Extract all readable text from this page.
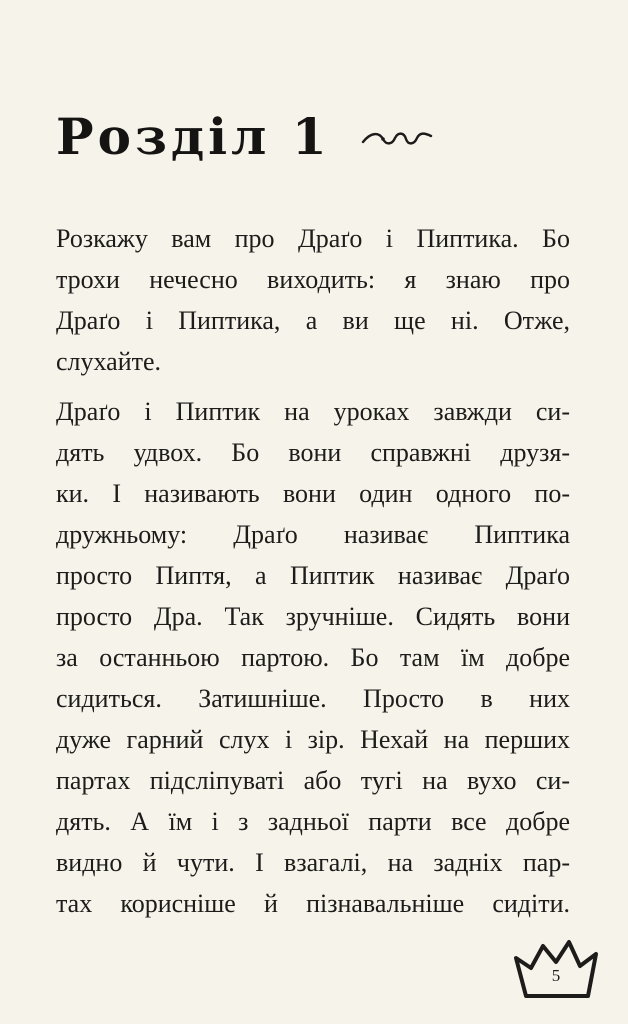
Розділ 1

Розкажу вам про Драґо і Пиптика. Бо
трохи нечесно виходить: я знаю про
Драґо і Пиптика, а ви ще ні. Отже,
слухайте.

Драґо і Пиптик на уроках завжди си-
дять удвох. Бо вони справжні друзя-
ки. І називають вони один одного по-
дружньому: Драґо називає Пиптика
просто Пиптя, а Пиптик називає Драґо
просто Дра. Так зручніше. Сидять вони
за останньою партою. Бо там їм добре
сидиться. Затишніше. Просто в них
дуже гарний слух і зір. Нехай на перших
партах підсліпуваті або тугі на вухо си-
дять. А їм і з задньої парти все добре
видно й чути. І взагалі, на задніх пар-
тах корисніше й пізнавальніше сидіти.

5
